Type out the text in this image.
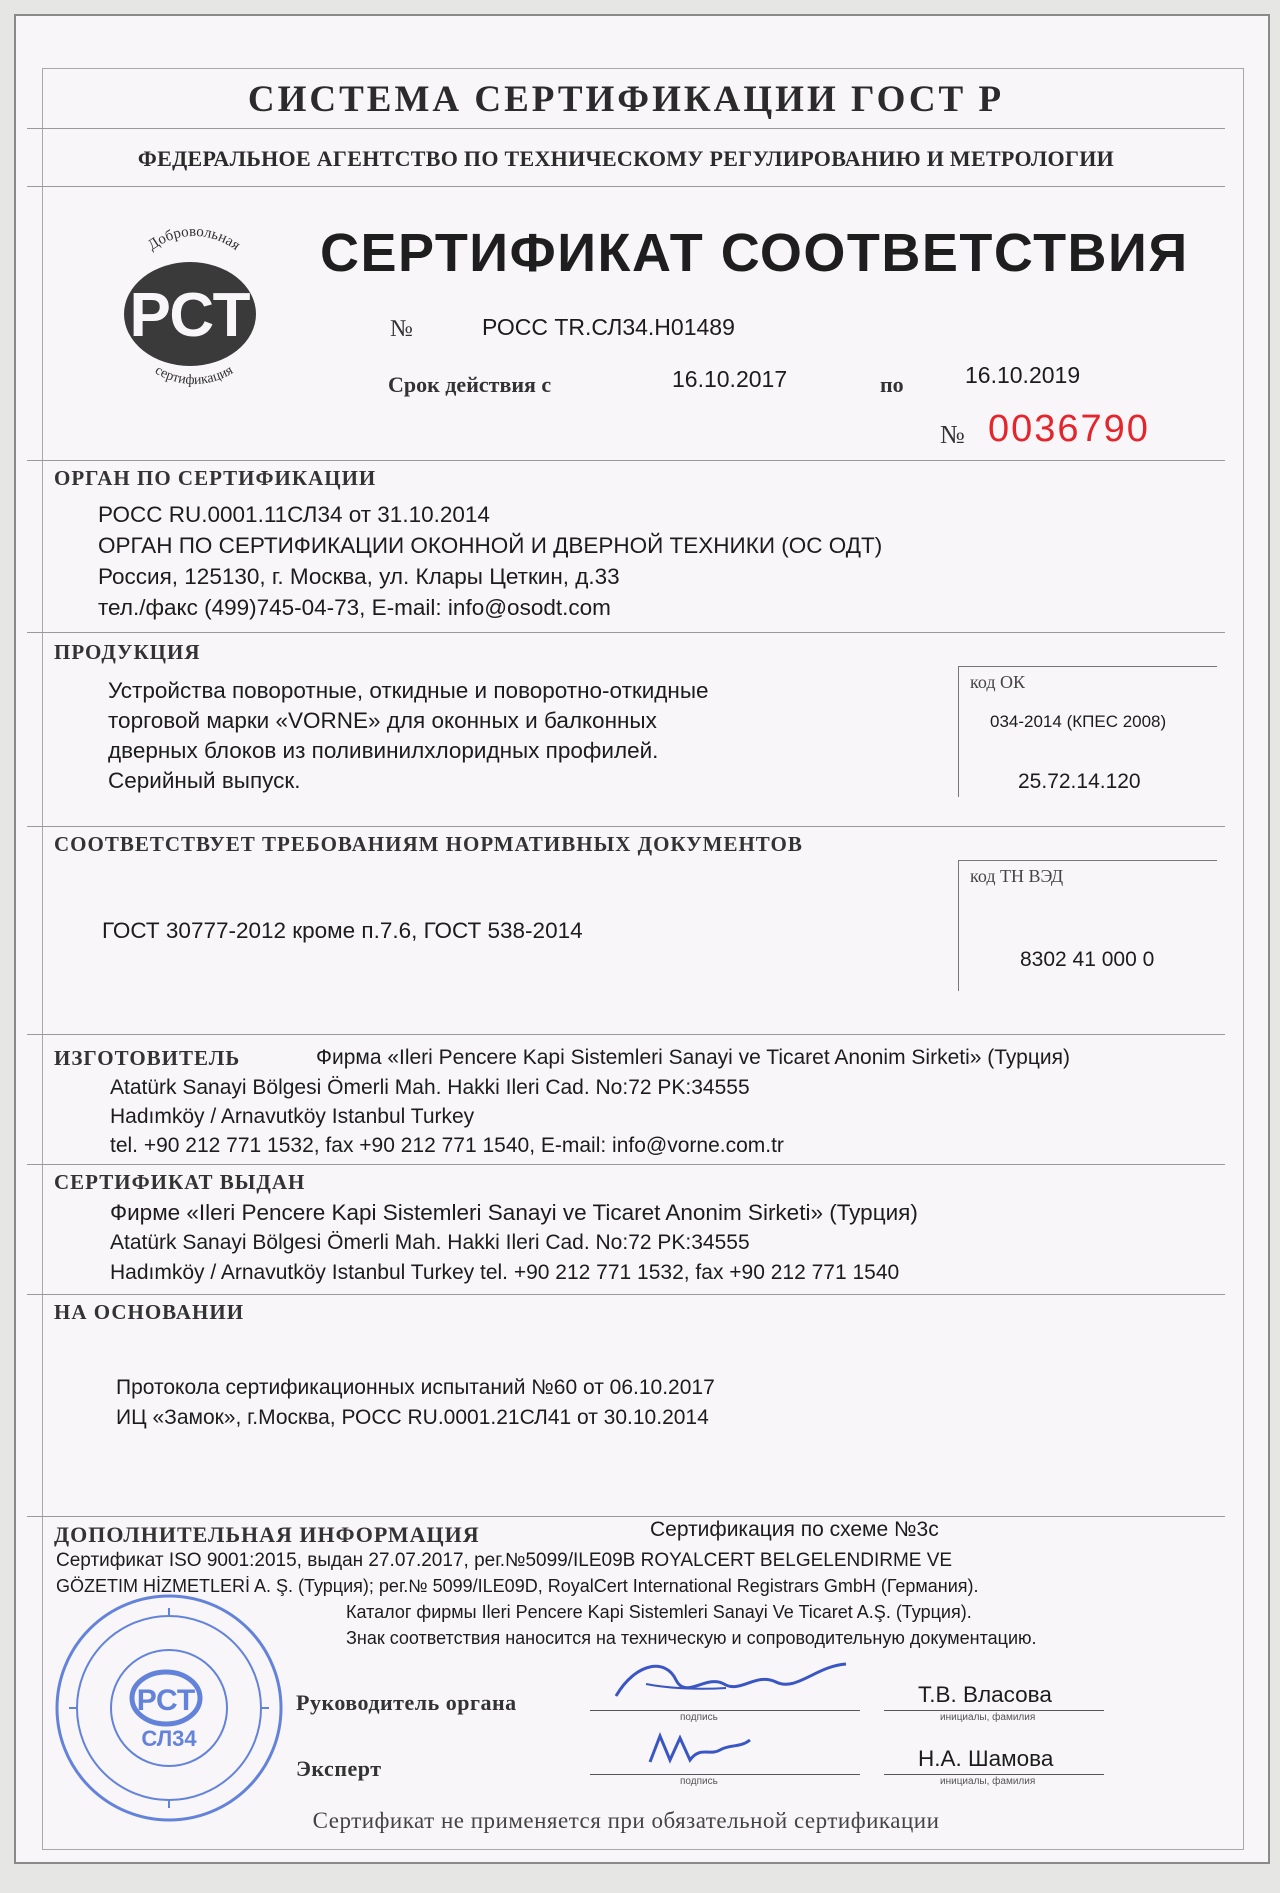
СИСТЕМА СЕРТИФИКАЦИИ ГОСТ Р
ФЕДЕРАЛЬНОЕ АГЕНТСТВО ПО ТЕХНИЧЕСКОМУ РЕГУЛИРОВАНИЮ И МЕТРОЛОГИИ
Добровольная
РСТ
сертификация
СЕРТИФИКАТ СООТВЕТСТВИЯ
№	РОСС TR.СЛ34.H01489
Срок действия с	16.10.2017	по	16.10.2019
№ 0036790
ОРГАН ПО СЕРТИФИКАЦИИ
РОСС RU.0001.11СЛ34 от 31.10.2014
ОРГАН ПО СЕРТИФИКАЦИИ ОКОННОЙ И ДВЕРНОЙ ТЕХНИКИ (ОС ОДТ)
Россия, 125130, г. Москва, ул. Клары Цеткин, д.33
тел./факс (499)745-04-73, E-mail: info@osodt.com
ПРОДУКЦИЯ
Устройства поворотные, откидные и поворотно-откидные
торговой марки «VORNE» для оконных и балконных
дверных блоков из поливинилхлоридных профилей.
Серийный выпуск.
код ОК
034-2014 (КПЕС 2008)
25.72.14.120
СООТВЕТСТВУЕТ ТРЕБОВАНИЯМ НОРМАТИВНЫХ ДОКУМЕНТОВ
ГОСТ 30777-2012 кроме п.7.6, ГОСТ 538-2014
код ТН ВЭД
8302 41 000 0
ИЗГОТОВИТЕЛЬ	Фирма «Ileri Pencere Kapi Sistemleri Sanayi ve Ticaret Anonim Sirketi» (Турция)
Atatürk Sanayi Bölgesi Ömerli Mah. Hakki Ileri Cad. No:72 PK:34555
Hadımköy / Arnavutköy Istanbul Turkey
tel. +90 212 771 1532, fax +90 212 771 1540, E-mail: info@vorne.com.tr
СЕРТИФИКАТ ВЫДАН
Фирме «Ileri Pencere Kapi Sistemleri Sanayi ve Ticaret Anonim Sirketi» (Турция)
Atatürk Sanayi Bölgesi Ömerli Mah. Hakki Ileri Cad. No:72 PK:34555
Hadımköy / Arnavutköy Istanbul Turkey tel. +90 212 771 1532, fax +90 212 771 1540
НА ОСНОВАНИИ
Протокола сертификационных испытаний №60 от 06.10.2017
ИЦ «Замок», г.Москва, РОСС RU.0001.21СЛ41 от 30.10.2014
ДОПОЛНИТЕЛЬНАЯ ИНФОРМАЦИЯ	Сертификация по схеме №3с
Сертификат ISO 9001:2015, выдан 27.07.2017, рег.№5099/ILE09B ROYALCERT BELGELENDIRME VE
GÖZETIM HİZMETLERİ A. Ş. (Турция); рег.№ 5099/ILE09D, RoyalCert International Registrars GmbH (Германия).
Каталог фирмы Ileri Pencere Kapi Sistemleri Sanayi Ve Ticaret A.Ş. (Турция).
Знак соответствия наносится на техническую и сопроводительную документацию.
РСТ
СЛ34
Руководитель органа
подпись
Т.В. Власова
инициалы, фамилия
Эксперт
подпись
Н.А. Шамова
инициалы, фамилия
Сертификат не применяется при обязательной сертификации
